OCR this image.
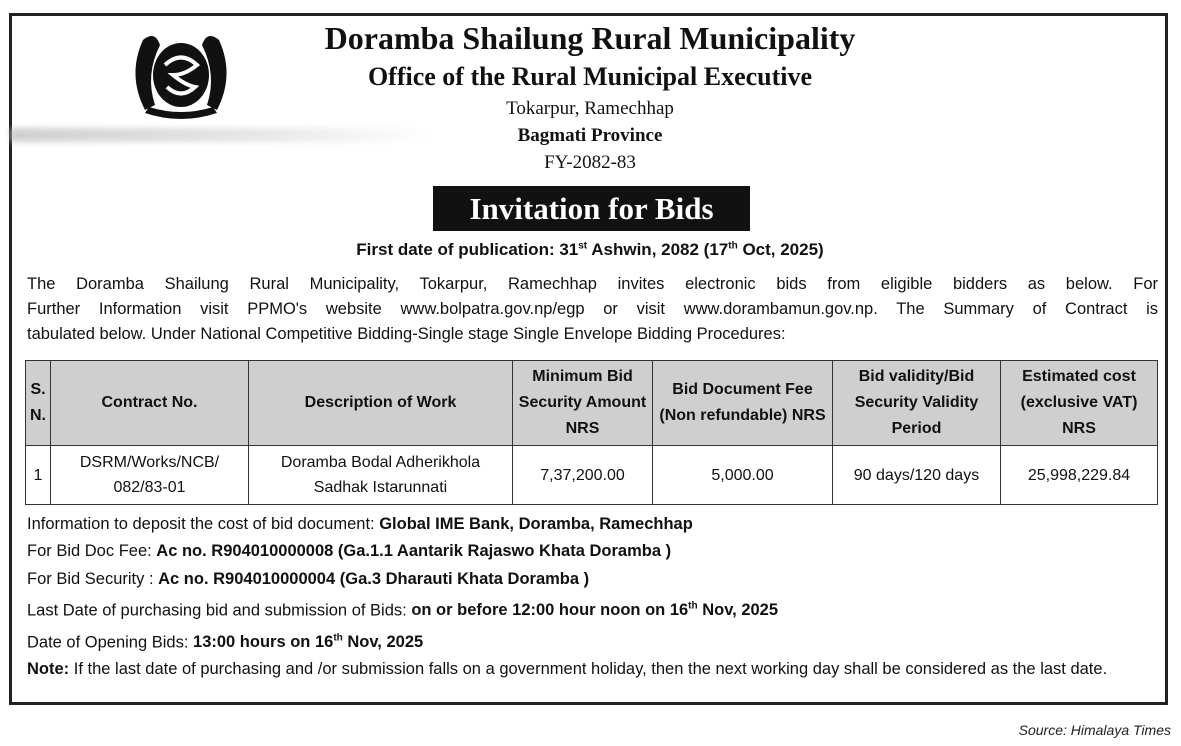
Doramba Shailung Rural Municipality
Office of the Rural Municipal Executive
Tokarpur, Ramechhap
Bagmati Province
FY-2082-83
Invitation for Bids
First date of publication: 31st Ashwin, 2082 (17th Oct, 2025)
The Doramba Shailung Rural Municipality, Tokarpur, Ramechhap invites electronic bids from eligible bidders as below. For
Further Information visit PPMO's website www.bolpatra.gov.np/egp or visit www.dorambamun.gov.np. The Summary of Contract is
tabulated below. Under National Competitive Bidding-Single stage Single Envelope Bidding Procedures:
S. N.	Contract No.	Description of Work	Minimum Bid Security Amount NRS	Bid Document Fee (Non refundable) NRS	Bid validity/Bid Security Validity Period	Estimated cost (exclusive VAT) NRS
1	DSRM/Works/NCB/ 082/83-01	Doramba Bodal Adherikhola Sadhak Istarunnati	7,37,200.00	5,000.00	90 days/120 days	25,998,229.84
Information to deposit the cost of bid document: Global IME Bank, Doramba, Ramechhap
For Bid Doc Fee: Ac no. R904010000008 (Ga.1.1 Aantarik Rajaswo Khata Doramba )
For Bid Security : Ac no. R904010000004 (Ga.3 Dharauti Khata Doramba )
Last Date of purchasing bid and submission of Bids: on or before 12:00 hour noon on 16th Nov, 2025
Date of Opening Bids: 13:00 hours on 16th Nov, 2025
Note: If the last date of purchasing and /or submission falls on a government holiday, then the next working day shall be considered as the last date.
Source: Himalaya Times
